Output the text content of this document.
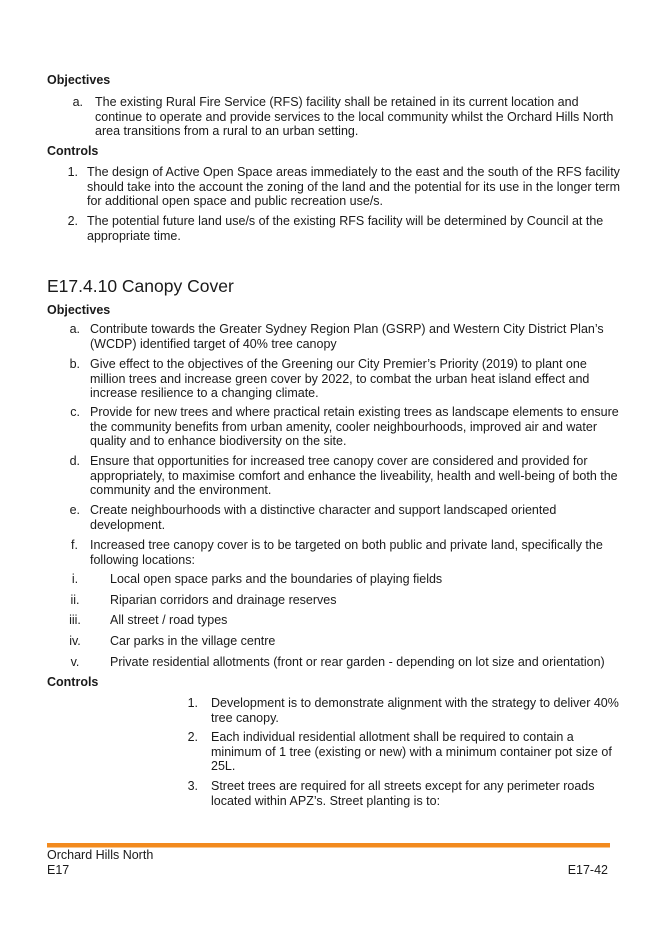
Objectives
a. The existing Rural Fire Service (RFS) facility shall be retained in its current location and
continue to operate and provide services to the local community whilst the Orchard Hills North
area transitions from a rural to an urban setting.
Controls
1. The design of Active Open Space areas immediately to the east and the south of the RFS facility
should take into the account the zoning of the land and the potential for its use in the longer term
for additional open space and public recreation use/s.
2. The potential future land use/s of the existing RFS facility will be determined by Council at the
appropriate time.
E17.4.10 Canopy Cover
Objectives
a. Contribute towards the Greater Sydney Region Plan (GSRP) and Western City District Plan’s
(WCDP) identified target of 40% tree canopy
b. Give effect to the objectives of the Greening our City Premier’s Priority (2019) to plant one
million trees and increase green cover by 2022, to combat the urban heat island effect and
increase resilience to a changing climate.
c. Provide for new trees and where practical retain existing trees as landscape elements to ensure
the community benefits from urban amenity, cooler neighbourhoods, improved air and water
quality and to enhance biodiversity on the site.
d. Ensure that opportunities for increased tree canopy cover are considered and provided for
appropriately, to maximise comfort and enhance the liveability, health and well-being of both the
community and the environment.
e. Create neighbourhoods with a distinctive character and support landscaped oriented
development.
f. Increased tree canopy cover is to be targeted on both public and private land, specifically the
following locations:
i.	Local open space parks and the boundaries of playing fields
ii.	Riparian corridors and drainage reserves
iii.	All street / road types
iv.	Car parks in the village centre
v.	Private residential allotments (front or rear garden - depending on lot size and orientation)
Controls
1. Development is to demonstrate alignment with the strategy to deliver 40%
tree canopy.
2. Each individual residential allotment shall be required to contain a
minimum of 1 tree (existing or new) with a minimum container pot size of
25L.
3. Street trees are required for all streets except for any perimeter roads
located within APZ’s. Street planting is to:
Orchard Hills North
E17	E17-42
